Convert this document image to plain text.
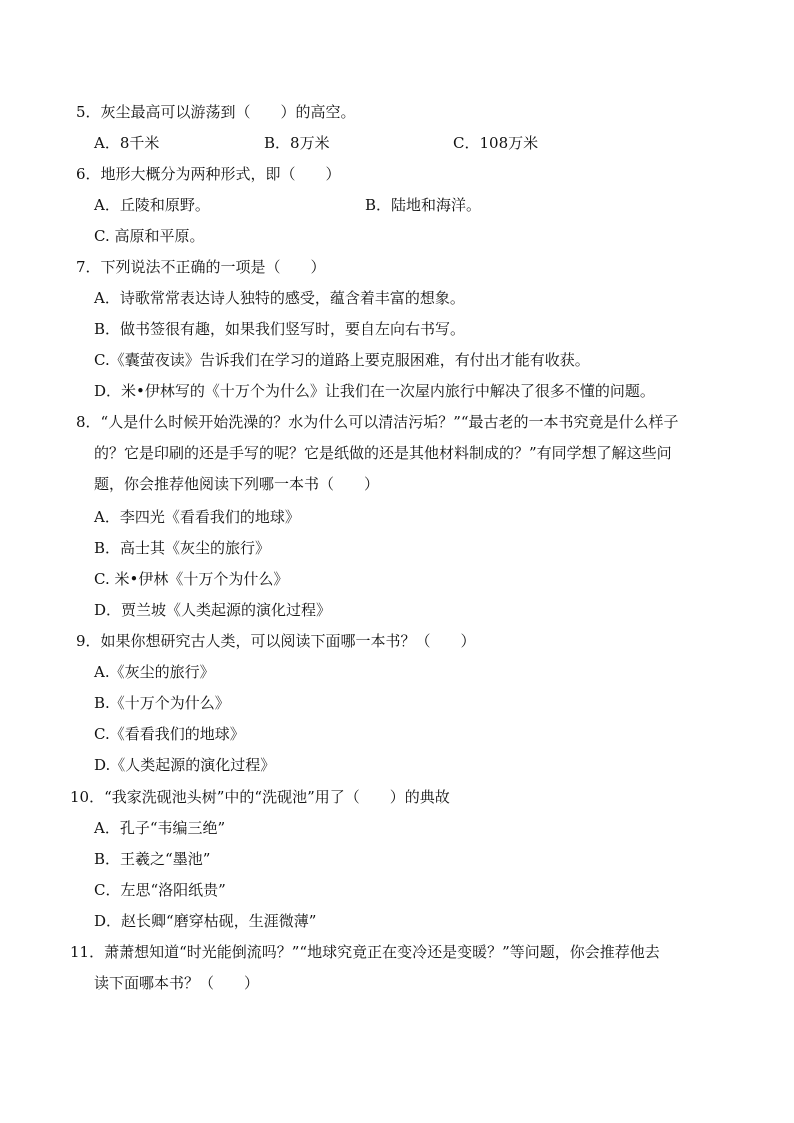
5．灰尘最高可以游荡到（　　）的高空。
A．8千米	B．8万米	C．108万米
6．地形大概分为两种形式，即（　　）
A．丘陵和原野。	B．陆地和海洋。
C. 高原和平原。
7．下列说法不正确的一项是（　　）
A．诗歌常常表达诗人独特的感受，蕴含着丰富的想象。
B．做书签很有趣，如果我们竖写时，要自左向右书写。
C.《囊萤夜读》告诉我们在学习的道路上要克服困难，有付出才能有收获。
D．米•伊林写的《十万个为什么》让我们在一次屋内旅行中解决了很多不懂的问题。
8．“人是什么时候开始洗澡的？水为什么可以清洁污垢？”“最古老的一本书究竟是什么样子
的？它是印刷的还是手写的呢？它是纸做的还是其他材料制成的？”有同学想了解这些问
题，你会推荐他阅读下列哪一本书（　　）
A．李四光《看看我们的地球》
B．高士其《灰尘的旅行》
C. 米•伊林《十万个为什么》
D．贾兰坡《人类起源的演化过程》
9．如果你想研究古人类，可以阅读下面哪一本书？（　　）
A.《灰尘的旅行》
B.《十万个为什么》
C.《看看我们的地球》
D.《人类起源的演化过程》
10．“我家洗砚池头树”中的“洗砚池”用了（　　）的典故
A．孔子“韦编三绝”
B．王羲之“墨池”
C．左思“洛阳纸贵”
D．赵长卿“磨穿枯砚，生涯微薄”
11．萧萧想知道“时光能倒流吗？”“地球究竟正在变冷还是变暖？”等问题，你会推荐他去
读下面哪本书？（　　）
